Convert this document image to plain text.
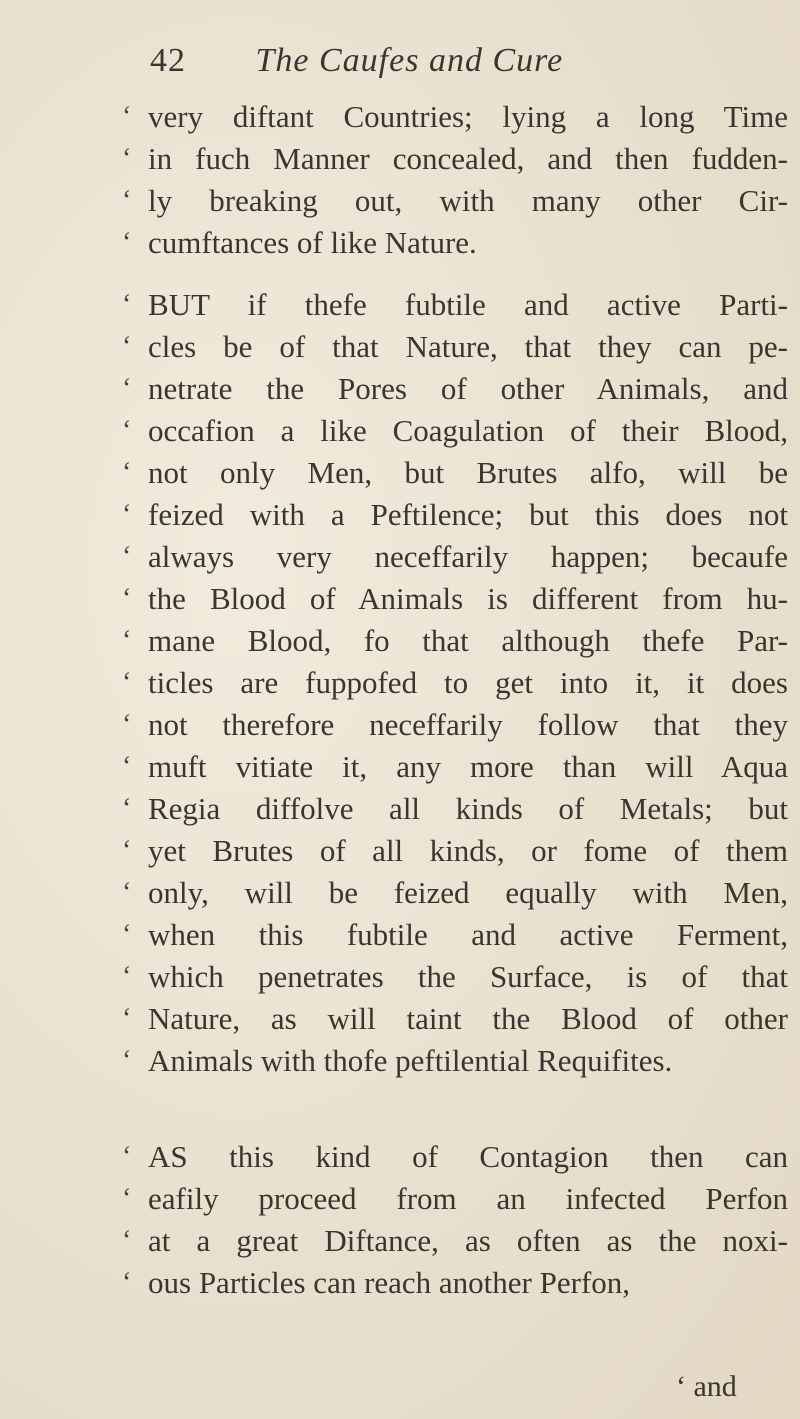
42 The Caufes and Cure
‘ very diftant Countries; lying a long Time
‘ in fuch Manner concealed, and then fudden-
‘ ly breaking out, with many other Cir-
‘ cumftances of like Nature.
‘ BUT if thefe fubtile and active Parti-
‘ cles be of that Nature, that they can pe-
‘ netrate the Pores of other Animals, and
‘ occafion a like Coagulation of their Blood,
‘ not only Men, but Brutes alfo, will be
‘ feized with a Peftilence; but this does not
‘ always very neceffarily happen; becaufe
‘ the Blood of Animals is different from hu-
‘ mane Blood, fo that although thefe Par-
‘ ticles are fuppofed to get into it, it does
‘ not therefore neceffarily follow that they
‘ muft vitiate it, any more than will Aqua
‘ Regia diffolve all kinds of Metals; but
‘ yet Brutes of all kinds, or fome of them
‘ only, will be feized equally with Men,
‘ when this fubtile and active Ferment,
‘ which penetrates the Surface, is of that
‘ Nature, as will taint the Blood of other
‘ Animals with thofe peftilential Requifites.
‘ AS this kind of Contagion then can
‘ eafily proceed from an infected Perfon
‘ at a great Diftance, as often as the noxi-
‘ ous Particles can reach another Perfon,
‘ and
